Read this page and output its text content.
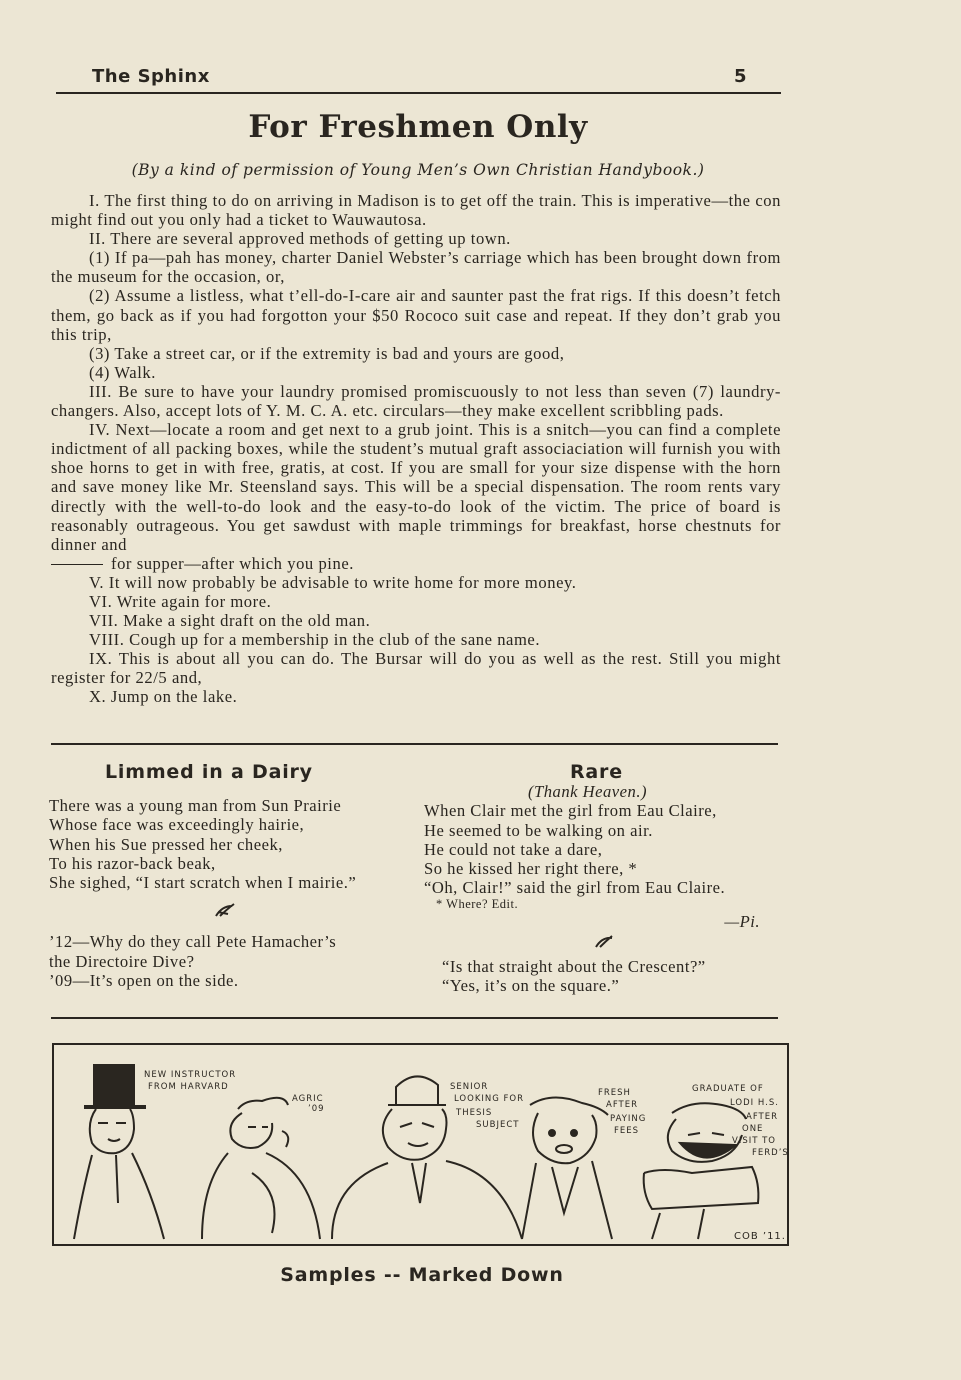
The Sphinx	5
For Freshmen Only
(By a kind of permission of Young Men’s Own Christian Handybook.)

I. The first thing to do on arriving in Madison is to get off the train. This is imperative—the con might find out you only had a ticket to Wauwautosa.

II. There are several approved methods of getting up town.

(1) If pa—pah has money, charter Daniel Webster’s carriage which has been brought down from the museum for the occasion, or,

(2) Assume a listless, what t’ell-do-I-care air and saunter past the frat rigs. If this doesn’t fetch them, go back as if you had forgotton your $50 Rococo suit case and repeat. If they don’t grab you this trip,

(3) Take a street car, or if the extremity is bad and yours are good,

(4) Walk.

III. Be sure to have your laundry promised promiscuously to not less than seven (7) laundry-changers. Also, accept lots of Y. M. C. A. etc. circulars—they make excellent scribbling pads.

IV. Next—locate a room and get next to a grub joint. This is a snitch—you can find a complete indictment of all packing boxes, while the student’s mutual graft associaciation will furnish you with shoe horns to get in with free, gratis, at cost. If you are small for your size dispense with the horn and save money like Mr. Steensland says. This will be a special dispensation. The room rents vary directly with the well-to-do look and the easy-to-do look of the victim. The price of board is reasonably outrageous. You get sawdust with maple trimmings for breakfast, horse chestnuts for dinner and

for supper—after which you pine.

V. It will now probably be advisable to write home for more money.

VI. Write again for more.

VII. Make a sight draft on the old man.

VIII. Cough up for a membership in the club of the sane name.

IX. This is about all you can do. The Bursar will do you as well as the rest. Still you might register for 22/5 and,

X. Jump on the lake.

Limmed in a Dairy
There was a young man from Sun Prairie
Whose face was exceedingly hairie,
When his Sue pressed her cheek,
To his razor-back beak,
She sighed, “I start scratch when I mairie.”
’12—Why do they call Pete Hamacher’s
the Directoire Dive?
’09—It’s open on the side.
Rare
(Thank Heaven.)
When Clair met the girl from Eau Claire,
He seemed to be walking on air.
He could not take a dare,
So he kissed her right there, *
“Oh, Clair!” said the girl from Eau Claire.
* Where? Edit.
—Pi.
“Is that straight about the Crescent?”
“Yes, it’s on the square.”
NEW INSTRUCTOR
FROM HARVARD
AGRIC
’09
SENIOR
LOOKING FOR
THESIS
SUBJECT
FRESH
AFTER
PAYING
FEES
GRADUATE OF
LODI H.S.
AFTER
ONE
VISIT TO
FERD’S
COB ’11.
Samples -- Marked Down
